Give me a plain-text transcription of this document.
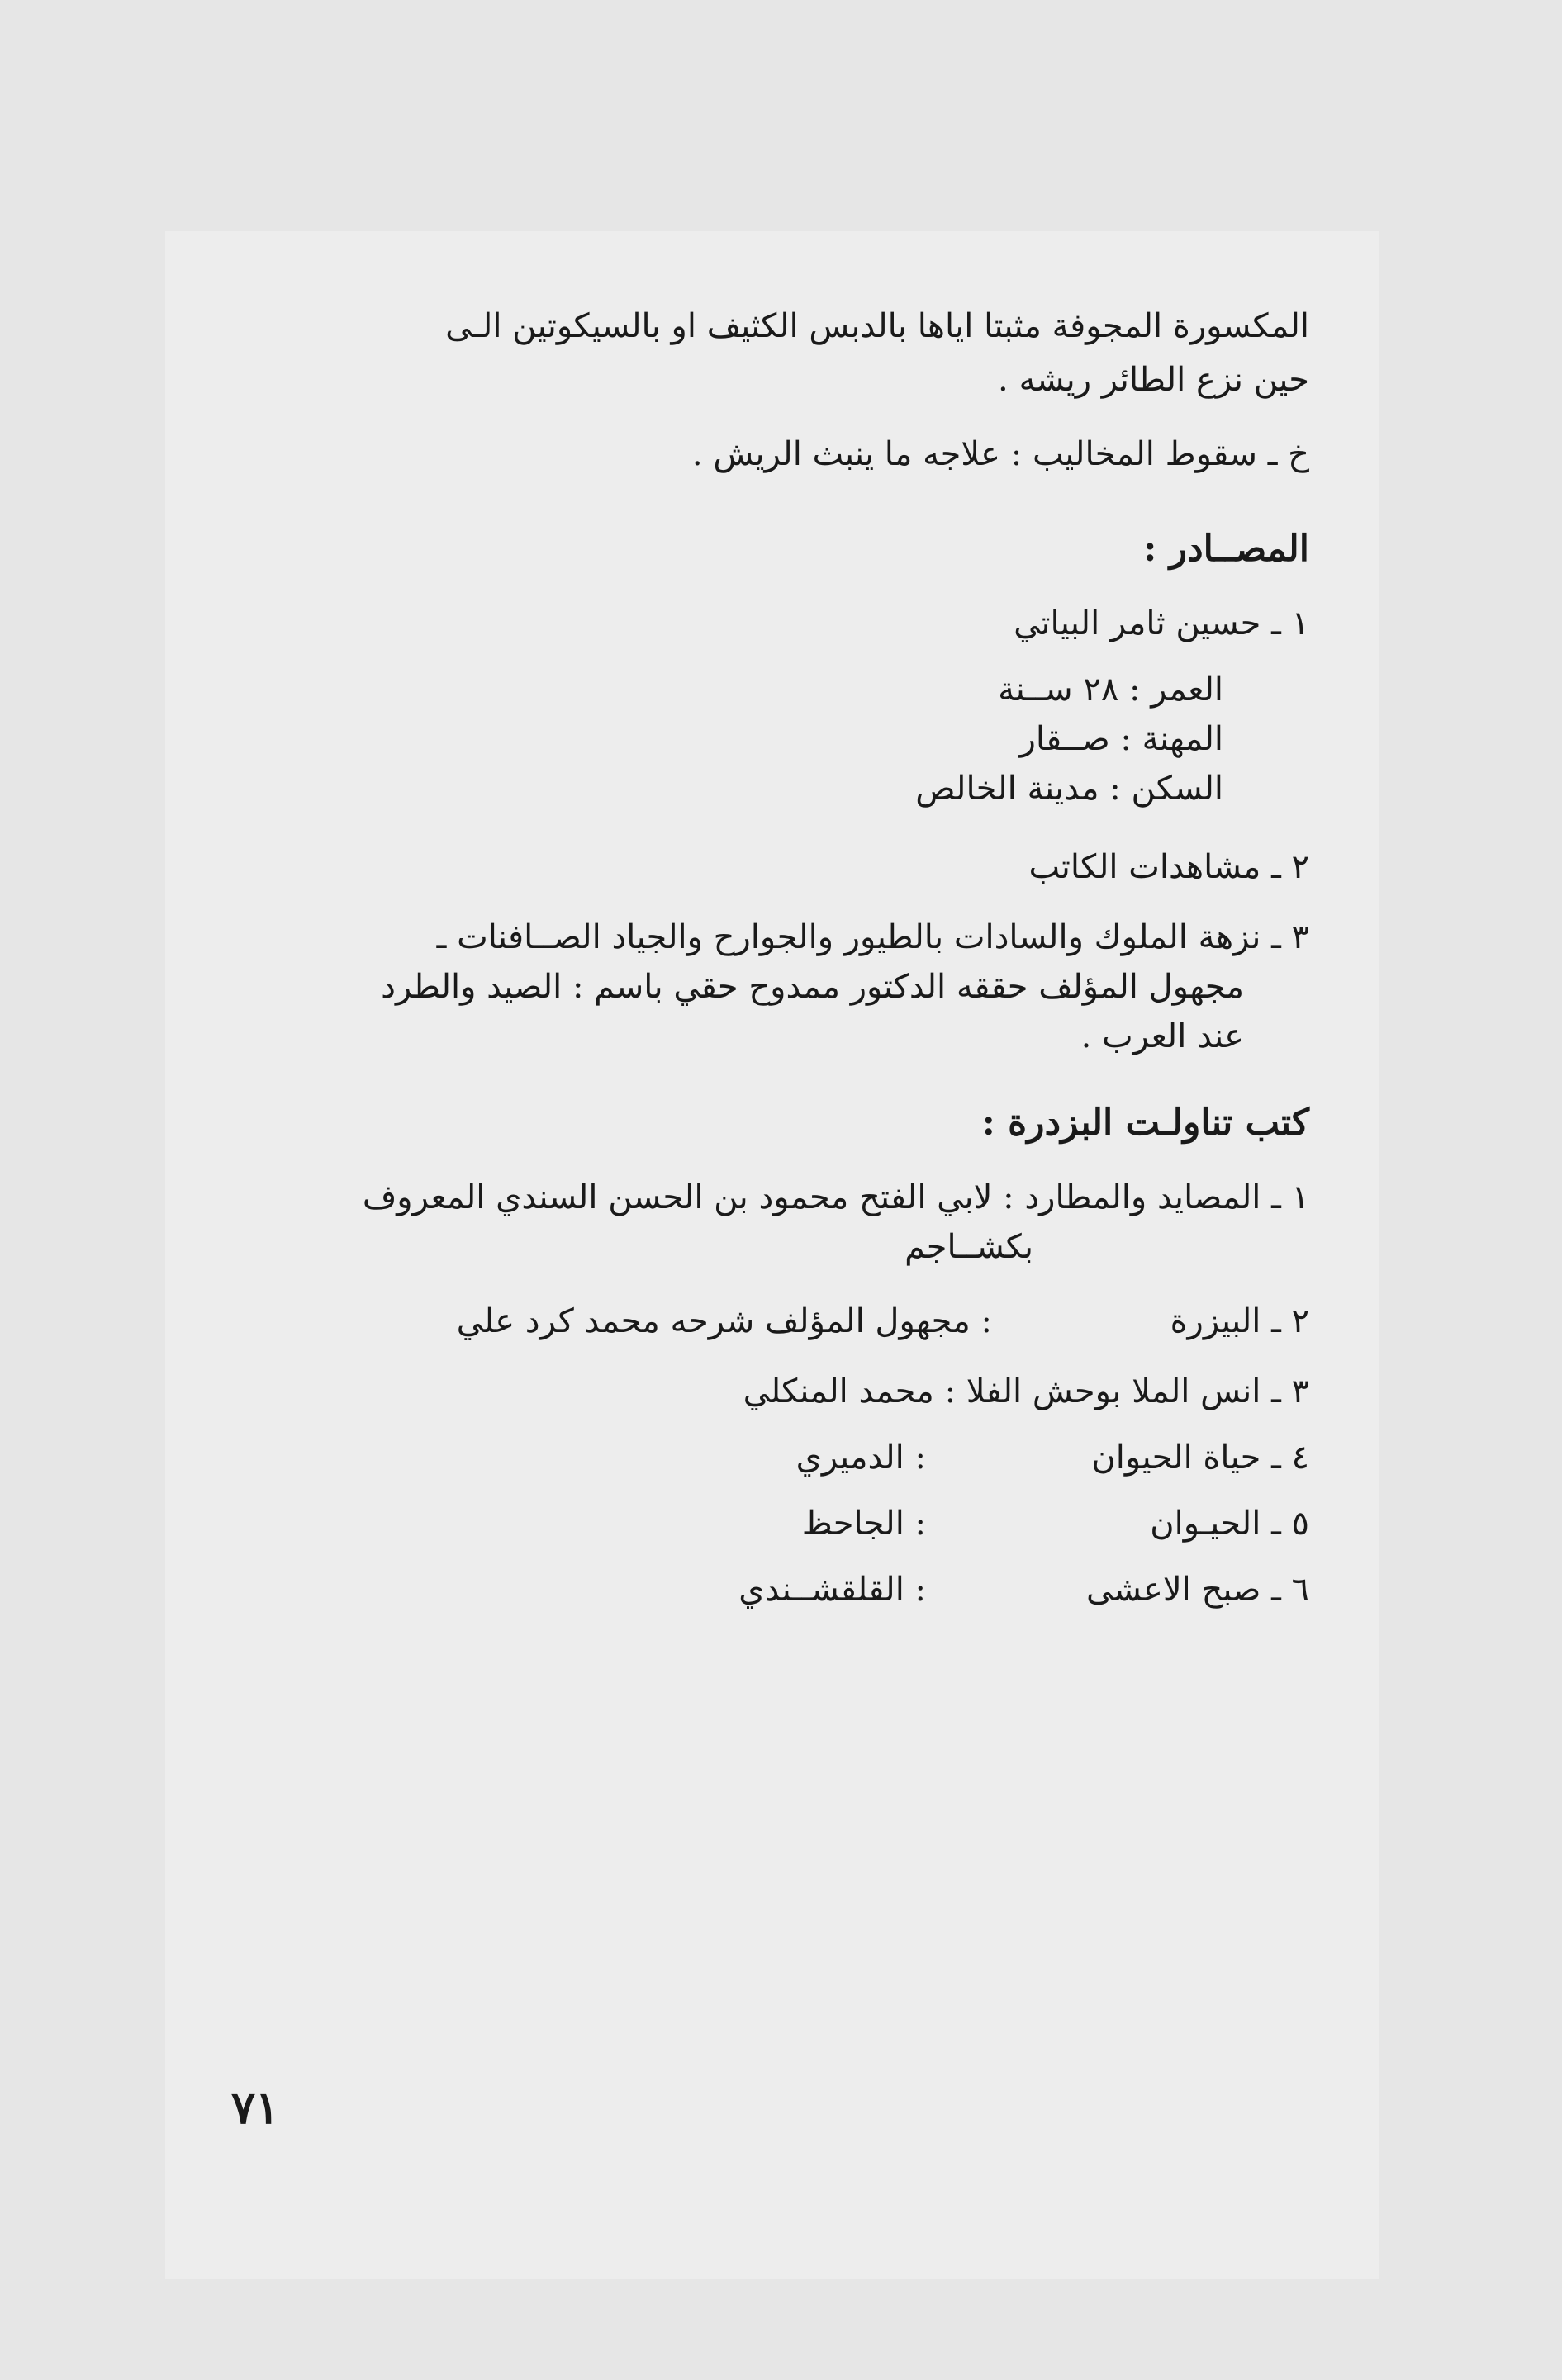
المكسورة المجوفة مثبتا اياها بالدبس الكثيف او بالسيكوتين الـى
حين نزع الطائر ريشه .
خ ـ سقوط المخاليب : علاجه ما ينبث الريش .
المصــادر :
١ ـ حسين ثامر البياتي
العمر : ٢٨ ســنة
المهنة : صــقار
السكن : مدينة الخالص
٢ ـ مشاهدات الكاتب
٣ ـ نزهة الملوك والسادات بالطيور والجوارح والجياد الصــافنات ـ
مجهول المؤلف حققه الدكتور ممدوح حقي باسم : الصيد والطرد
عند العرب .
كتب تناولـت البزدرة :
١ ـ المصايد والمطارد : لابي الفتح محمود بن الحسن السندي المعروف
بكشــاجم
٢ ـ البيزرة
: مجهول المؤلف شرحه محمد كرد علي
٣ ـ انس الملا بوحش الفلا : محمد المنكلي
٤ ـ حياة الحيوان
: الدميري
٥ ـ الحيـوان
: الجاحظ
٦ ـ صبح الاعشى
: القلقشــندي
٧١
